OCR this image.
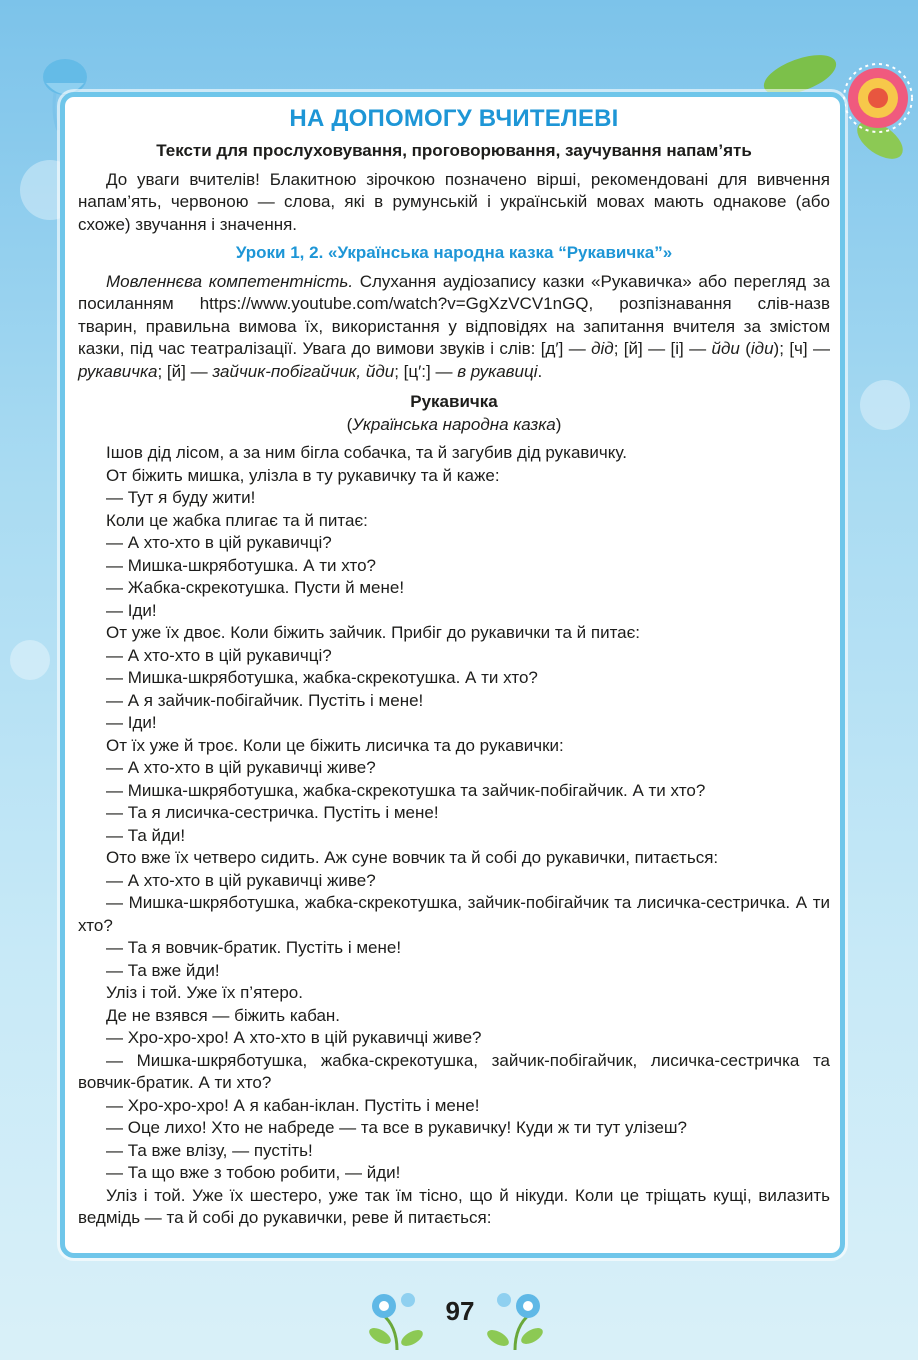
НА ДОПОМОГУ ВЧИТЕЛЕВІ
Тексти для прослуховування, проговорювання, заучування напам’ять

До уваги вчителів! Блакитною зірочкою позначено вірші, рекомендовані для вивчення напам’ять, червоною — слова, які в румунській і українській мовах мають однакове (або схоже) звучання і значення.

Уроки 1, 2. «Українська народна казка “Рукавичка”»

Мовленнєва компетентність. Слухання аудіозапису казки «Рукавичка» або перегляд за посиланням https://www.youtube.com/watch?v=GgXzVCV1nGQ, розпізнавання слів-назв тварин, правильна вимова їх, використання у відповідях на запитання вчителя за змістом казки, під час театралізації. Увага до вимови звуків і слів: [д′] — дід; [й] — [і] — йди (іди); [ч] — рукавичка; [й] — зайчик-побігайчик, йди; [ц′:] — в рукавиці.

Рукавичка
(Українська народна казка)
Ішов дід лісом, а за ним бігла собачка, та й загубив дід рукавичку.
От біжить мишка, улізла в ту рукавичку та й каже:
— Тут я буду жити!
Коли це жабка плигає та й питає:
— А хто-хто в цій рукавичці?
— Мишка-шкряботушка. А ти хто?
— Жабка-скрекотушка. Пусти й мене!
— Іди!
От уже їх двоє. Коли біжить зайчик. Прибіг до рукавички та й питає:
— А хто-хто в цій рукавичці?
— Мишка-шкряботушка, жабка-скрекотушка. А ти хто?
— А я зайчик-побігайчик. Пустіть і мене!
— Іди!
От їх уже й троє. Коли це біжить лисичка та до рукавички:
— А хто-хто в цій рукавичці живе?
— Мишка-шкряботушка, жабка-скрекотушка та зайчик-побігайчик. А ти хто?
— Та я лисичка-сестричка. Пустіть і мене!
— Та йди!
Ото вже їх четверо сидить. Аж суне вовчик та й собі до рукавички, питається:
— А хто-хто в цій рукавичці живе?

— Мишка-шкряботушка, жабка-скрекотушка, зайчик-побігайчик та лисичка-сестричка. А ти хто?

— Та я вовчик-братик. Пустіть і мене!
— Та вже йди!
Уліз і той. Уже їх п’ятеро.
Де не взявся — біжить кабан.
— Хро-хро-хро! А хто-хто в цій рукавичці живе?

— Мишка-шкряботушка, жабка-скрекотушка, зайчик-побігайчик, лисичка-сестричка та вовчик-братик. А ти хто?

— Хро-хро-хро! А я кабан-іклан. Пустіть і мене!
— Оце лихо! Хто не набреде — та все в рукавичку! Куди ж ти тут улізеш?
— Та вже влізу, — пустіть!
— Та що вже з тобою робити, — йди!

Уліз і той. Уже їх шестеро, уже так їм тісно, що й нікуди. Коли це тріщать кущі, вилазить ведмідь — та й собі до рукавички, реве й питається:

97
